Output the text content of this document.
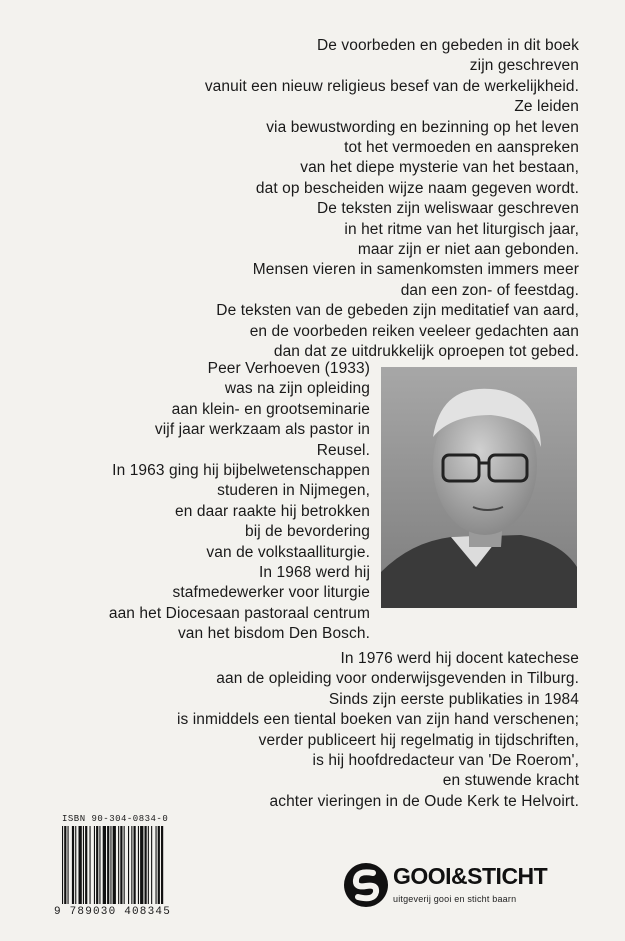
De voorbeden en gebeden in dit boek
zijn geschreven
vanuit een nieuw religieus besef van de werkelijkheid.
Ze leiden
via bewustwording en bezinning op het leven
tot het vermoeden en aanspreken
van het diepe mysterie van het bestaan,
dat op bescheiden wijze naam gegeven wordt.
De teksten zijn weliswaar geschreven
in het ritme van het liturgisch jaar,
maar zijn er niet aan gebonden.
Mensen vieren in samenkomsten immers meer
dan een zon- of feestdag.
De teksten van de gebeden zijn meditatief van aard,
en de voorbeden reiken veeleer gedachten aan
dan dat ze uitdrukkelijk oproepen tot gebed.
Peer Verhoeven (1933)
was na zijn opleiding
aan klein- en grootseminarie
vijf jaar werkzaam als pastor in
Reusel.
In 1963 ging hij bijbelwetenschappen
studeren in Nijmegen,
en daar raakte hij betrokken
bij de bevordering
van de volkstaalliturgie.
In 1968 werd hij
stafmedewerker voor liturgie
aan het Diocesaan pastoraal centrum
van het bisdom Den Bosch.
In 1976 werd hij docent katechese
aan de opleiding voor onderwijsgevenden in Tilburg.
Sinds zijn eerste publikaties in 1984
is inmiddels een tiental boeken van zijn hand verschenen;
verder publiceert hij regelmatig in tijdschriften,
is hij hoofdredacteur van 'De Roerom',
en stuwende kracht
achter vieringen in de Oude Kerk te Helvoirt.
ISBN 90-304-0834-0
9 789030 408345
GOOI&STICHT
uitgeverij gooi en sticht baarn
